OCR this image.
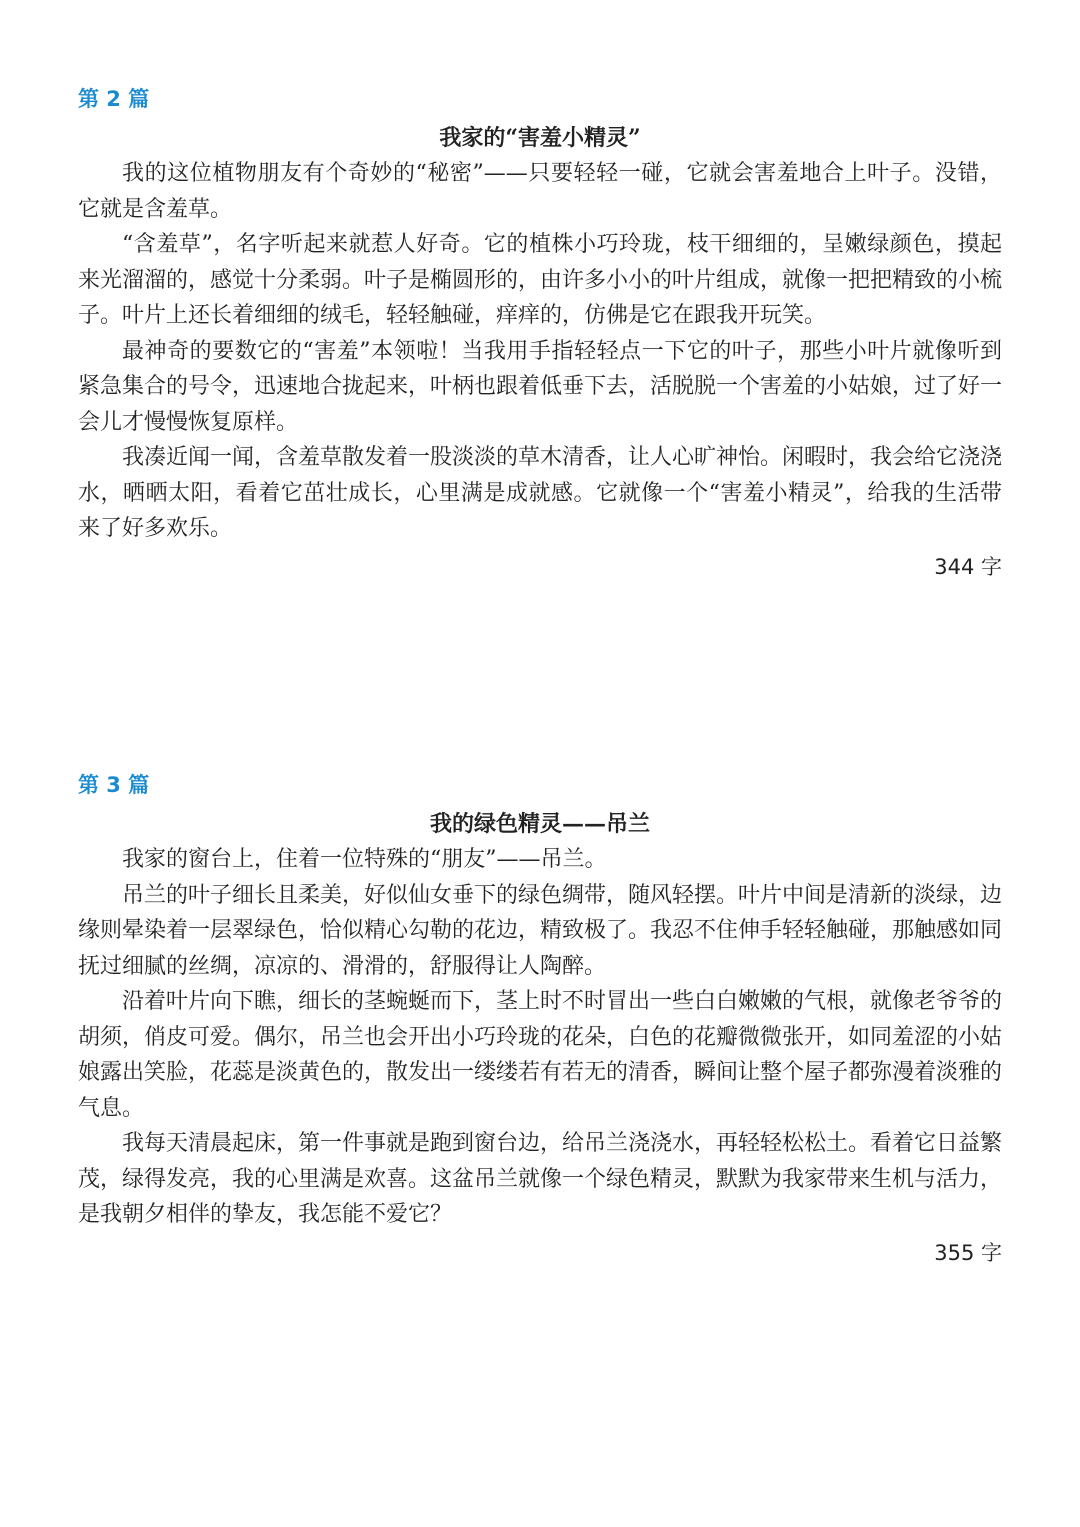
第 2 篇
我家的“害羞小精灵”

我的这位植物朋友有个奇妙的“秘密”——只要轻轻一碰，它就会害羞地合上叶子。没错，它就是含羞草。

“含羞草”，名字听起来就惹人好奇。它的植株小巧玲珑，枝干细细的，呈嫩绿颜色，摸起来光溜溜的，感觉十分柔弱。叶子是椭圆形的，由许多小小的叶片组成，就像一把把精致的小梳子。叶片上还长着细细的绒毛，轻轻触碰，痒痒的，仿佛是它在跟我开玩笑。

最神奇的要数它的“害羞”本领啦！当我用手指轻轻点一下它的叶子，那些小叶片就像听到紧急集合的号令，迅速地合拢起来，叶柄也跟着低垂下去，活脱脱一个害羞的小姑娘，过了好一会儿才慢慢恢复原样。

我凑近闻一闻，含羞草散发着一股淡淡的草木清香，让人心旷神怡。闲暇时，我会给它浇浇水，晒晒太阳，看着它茁壮成长，心里满是成就感。它就像一个“害羞小精灵”，给我的生活带来了好多欢乐。

344 字
第 3 篇
我的绿色精灵——吊兰

我家的窗台上，住着一位特殊的“朋友”——吊兰。

吊兰的叶子细长且柔美，好似仙女垂下的绿色绸带，随风轻摆。叶片中间是清新的淡绿，边缘则晕染着一层翠绿色，恰似精心勾勒的花边，精致极了。我忍不住伸手轻轻触碰，那触感如同抚过细腻的丝绸，凉凉的、滑滑的，舒服得让人陶醉。

沿着叶片向下瞧，细长的茎蜿蜒而下，茎上时不时冒出一些白白嫩嫩的气根，就像老爷爷的胡须，俏皮可爱。偶尔，吊兰也会开出小巧玲珑的花朵，白色的花瓣微微张开，如同羞涩的小姑娘露出笑脸，花蕊是淡黄色的，散发出一缕缕若有若无的清香，瞬间让整个屋子都弥漫着淡雅的气息。

我每天清晨起床，第一件事就是跑到窗台边，给吊兰浇浇水，再轻轻松松土。看着它日益繁茂，绿得发亮，我的心里满是欢喜。这盆吊兰就像一个绿色精灵，默默为我家带来生机与活力，是我朝夕相伴的挚友，我怎能不爱它？

355 字
